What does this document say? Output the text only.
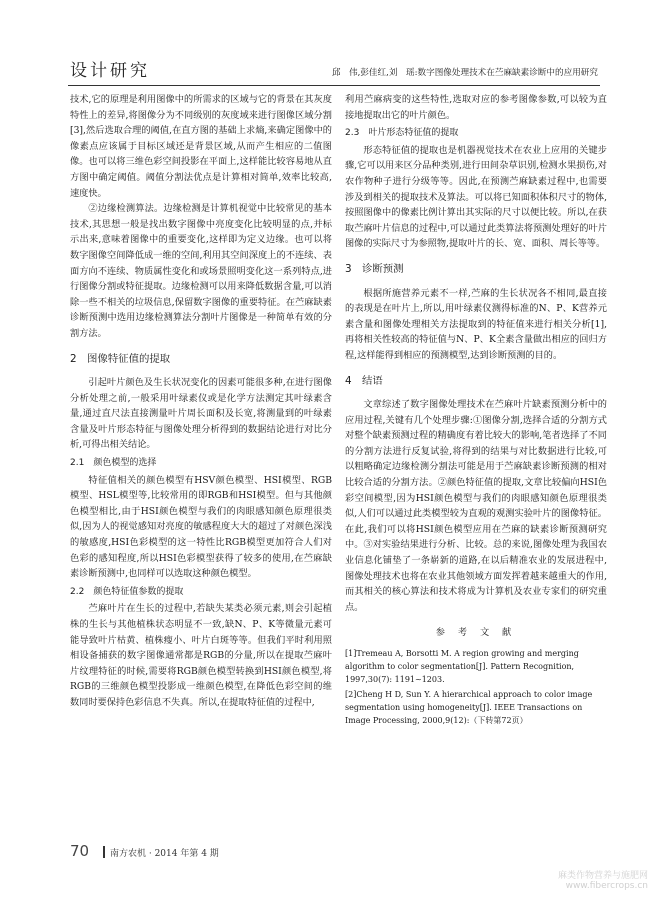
设计研究	邱　伟,彭佳红,刘　瑶:数字图像处理技术在苎麻缺素诊断中的应用研究

技术,它的原理是利用图像中的所需求的区域与它的背景在其灰度特性上的差异,将图像分为不同级别的灰度域来进行图像区域分割[3],然后选取合理的阈值,在直方图的基础上求熵,来确定图像中的像素点应该属于目标区域还是背景区域,从而产生相应的二值图像。也可以将三维色彩空间投影在平面上,这样能比较容易地从直方图中确定阈值。阈值分割法优点是计算相对简单,效率比较高,速度快。

②边缘检测算法。边缘检测是计算机视觉中比较常见的基本技术,其思想一般是找出数字图像中亮度变化比较明显的点,并标示出来,意味着图像中的重要变化,这样即为定义边缘。也可以将数字图像空间降低成一维的空间,利用其空间深度上的不连续、表面方向不连续、物质属性变化和或场景照明变化这一系列特点,进行图像分割或特征提取。边缘检测可以用来降低数据含量,可以消除一些不相关的垃圾信息,保留数字图像的重要特征。在苎麻缺素诊断预测中选用边缘检测算法分割叶片图像是一种简单有效的分割方法。

2　图像特征值的提取

引起叶片颜色及生长状况变化的因素可能很多种,在进行图像分析处理之前,一般采用叶绿素仪或是化学方法测定其叶绿素含量,通过直尺法直接测量叶片周长面积及长宽,将测量到的叶绿素含量及叶片形态特征与图像处理分析得到的数据结论进行对比分析,可得出相关结论。

2.1　颜色模型的选择

特征值相关的颜色模型有HSV颜色模型、HSI模型、RGB模型、HSL模型等,比较常用的即RGB和HSI模型。但与其他颜色模型相比,由于HSI颜色模型与我们的肉眼感知颜色原理很类似,因为人的视觉感知对亮度的敏感程度大大的超过了对颜色深浅的敏感度,HSI色彩模型的这一特性比RGB模型更加符合人们对色彩的感知程度,所以HSI色彩模型获得了较多的使用,在苎麻缺素诊断预测中,也同样可以选取这种颜色模型。

2.2　颜色特征值参数的提取

苎麻叶片在生长的过程中,若缺失某类必须元素,则会引起植株的生长与其他植株状态明显不一致,缺N、P、K等微量元素可能导致叶片枯黄、植株瘦小、叶片白斑等等。但我们平时利用照相设备捕获的数字图像通常都是RGB的分量,所以在提取苎麻叶片纹理特征的时候,需要将RGB颜色模型转换到HSI颜色模型,将RGB的三维颜色模型投影成一维颜色模型,在降低色彩空间的维数同时要保持色彩信息不失真。所以,在提取特征值的过程中,

利用苎麻病变的这些特性,选取对应的参考图像参数,可以较为直接地提取出它的叶片颜色。

2.3　叶片形态特征值的提取

形态特征值的提取也是机器视觉技术在农业上应用的关键步骤,它可以用来区分品种类别,进行田间杂草识别,检测水果损伤,对农作物种子进行分级等等。因此,在预测苎麻缺素过程中,也需要涉及到相关的提取技术及算法。可以将已知面积体积尺寸的物体,按照图像中的像素比例计算出其实际的尺寸以便比较。所以,在获取苎麻叶片信息的过程中,可以通过此类算法将预测处理好的叶片图像的实际尺寸为参照物,提取叶片的长、宽、面积、周长等等。

3　诊断预测

根据所施营养元素不一样,苎麻的生长状况各不相同,最直接的表现是在叶片上,所以,用叶绿素仪测得标准的N、P、K营养元素含量和图像处理相关方法提取到的特征值来进行相关分析[1],再将相关性较高的特征值与N、P、K全素含量做出相应的回归方程,这样能得到相应的预测模型,达到诊断预测的目的。

4　结语

文章综述了数字图像处理技术在苎麻叶片缺素预测分析中的应用过程,关键有几个处理步骤:①图像分割,选择合适的分割方式对整个缺素预测过程的精确度有着比较大的影响,笔者选择了不同的分割方法进行反复试验,将得到的结果与对比数据进行比较,可以粗略确定边缘检测分割法可能是用于苎麻缺素诊断预测的相对比较合适的分割方法。②颜色特征值的提取,文章比较偏向HSI色彩空间模型,因为HSI颜色模型与我们的肉眼感知颜色原理很类似,人们可以通过此类模型较为直观的观测实验叶片的图像特征。在此,我们可以将HSI颜色模型应用在苎麻的缺素诊断预测研究中。③对实验结果进行分析、比较。总的来说,图像处理为我国农业信息化铺垫了一条崭新的道路,在以后精准农业的发展进程中,图像处理技术也将在农业其他领域方面发挥着越来越重大的作用,而其相关的核心算法和技术将成为计算机及农业专家们的研究重点。

参 考 文 献

[1]Tremeau A, Borsotti M. A region growing and merging algorithm to color segmentation[J]. Pattern Recognition, 1997,30(7): 1191~1203.

[2]Cheng H D, Sun Y. A hierarchical approach to color image segmentation using homogeneity[J]. IEEE Transactions on Image Processing, 2000,9(12):（下转第72页）

70 南方农机 · 2014 年第 4 期
麻类作物营养与施肥网
www.fibercrops.cn
